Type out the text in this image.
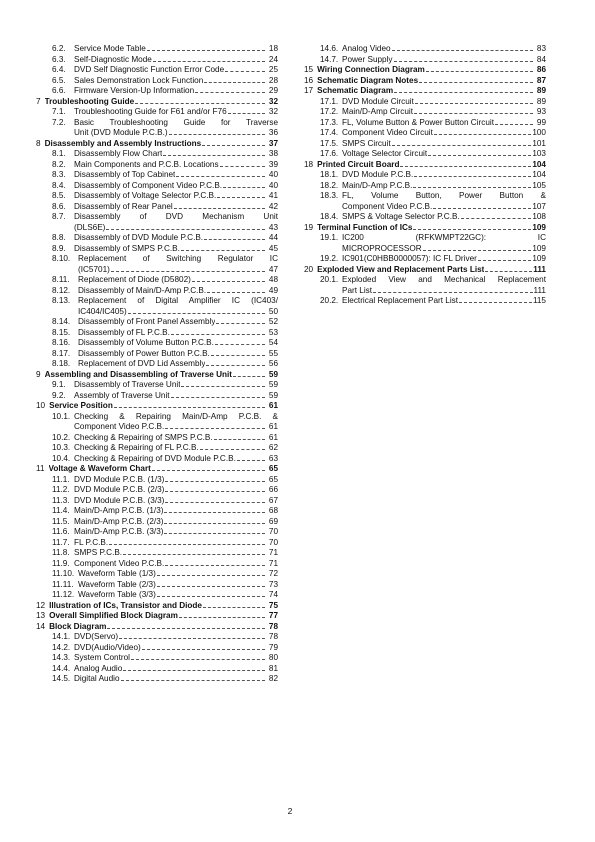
6.2.	Service Mode Table	18
6.3.	Self-Diagnostic Mode	24
6.4.	DVD Self Diagnostic Function Error Code	25
6.5.	Sales Demonstration Lock Function	28
6.6.	Firmware Version-Up Information	29
7 Troubleshooting Guide	32
7.1.	Troubleshooting Guide for F61 and/or F76	32
7.2.	Basic Troubleshooting Guide for Traverse
Unit (DVD Module P.C.B.)	36
8 Disassembly and Assembly Instructions	37
8.1.	Disassembly Flow Chart	38
8.2.	Main Components and P.C.B. Locations	39
8.3.	Disassembly of Top Cabinet	40
8.4.	Disassembly of Component Video P.C.B.	40
8.5.	Disassembly of Voltage Selector P.C.B.	41
8.6.	Disassembly of Rear Panel	42
8.7.	Disassembly of DVD Mechanism Unit
(DLS6E)	43
8.8.	Disassembly of DVD Module P.C.B.	44
8.9.	Disassembly of SMPS P.C.B.	45
8.10. Replacement of Switching Regulator IC
(IC5701)	47
8.11.	Replacement of Diode (D5802)	48
8.12. Disassembly of Main/D-Amp P.C.B.	49
8.13. Replacement of Digital Amplifier IC (IC403/
IC404/IC405)	50
8.14. Disassembly of Front Panel Assembly	52
8.15. Disassembly of FL P.C.B.	53
8.16. Disassembly of Volume Button P.C.B.	54
8.17. Disassembly of Power Button P.C.B.	55
8.18. Replacement of DVD Lid Assembly	56
9 Assembling and Disassembling of Traverse Unit	59
9.1.	Disassembly of Traverse Unit	59
9.2.	Assembly of Traverse Unit	59
10 Service Position	61
10.1. Checking & Repairing Main/D-Amp P.C.B. &
Component Video P.C.B.	61
10.2. Checking & Repairing of SMPS P.C.B.	61
10.3. Checking & Repairing of FL P.C.B.	62
10.4. Checking & Repairing of DVD Module P.C.B.	63
11 Voltage & Waveform Chart	65
11.1. DVD Module P.C.B. (1/3)	65
11.2. DVD Module P.C.B. (2/3)	66
11.3. DVD Module P.C.B. (3/3)	67
11.4. Main/D-Amp P.C.B. (1/3)	68
11.5. Main/D-Amp P.C.B. (2/3)	69
11.6. Main/D-Amp P.C.B. (3/3)	70
11.7. FL P.C.B.	70
11.8. SMPS P.C.B.	71
11.9. Component Video P.C.B.	71
11.10. Waveform Table (1/3)	72
11.11. Waveform Table (2/3)	73
11.12. Waveform Table (3/3)	74
12 Illustration of ICs, Transistor and Diode	75
13 Overall Simplified Block Diagram	77
14 Block Diagram	78
14.1. DVD(Servo)	78
14.2. DVD(Audio/Video)	79
14.3. System Control	80
14.4. Analog Audio	81
14.5. Digital Audio	82
14.6. Analog Video	83
14.7. Power Supply	84
15 Wiring Connection Diagram	86
16 Schematic Diagram Notes	87
17 Schematic Diagram	89
17.1. DVD Module Circuit	89
17.2. Main/D-Amp Circuit	93
17.3. FL, Volume Button & Power Button Circuit	99
17.4. Component Video Circuit	100
17.5. SMPS Circuit	101
17.6. Voltage Selector Circuit	103
18 Printed Circuit Board	104
18.1. DVD Module P.C.B.	104
18.2. Main/D-Amp P.C.B.	105
18.3. FL, Volume Button, Power Button &
Component Video P.C.B.	107
18.4. SMPS & Voltage Selector P.C.B.	108
19 Terminal Function of ICs	109
19.1. IC200 (RFKWMPT22GC): IC
MICROPROCESSOR	109
19.2. IC901(C0HBB0000057): IC FL Driver	109
20 Exploded View and Replacement Parts List	111
20.1. Exploded View and Mechanical Replacement
Part List	111
20.2. Electrical Replacement Part List	115
2
